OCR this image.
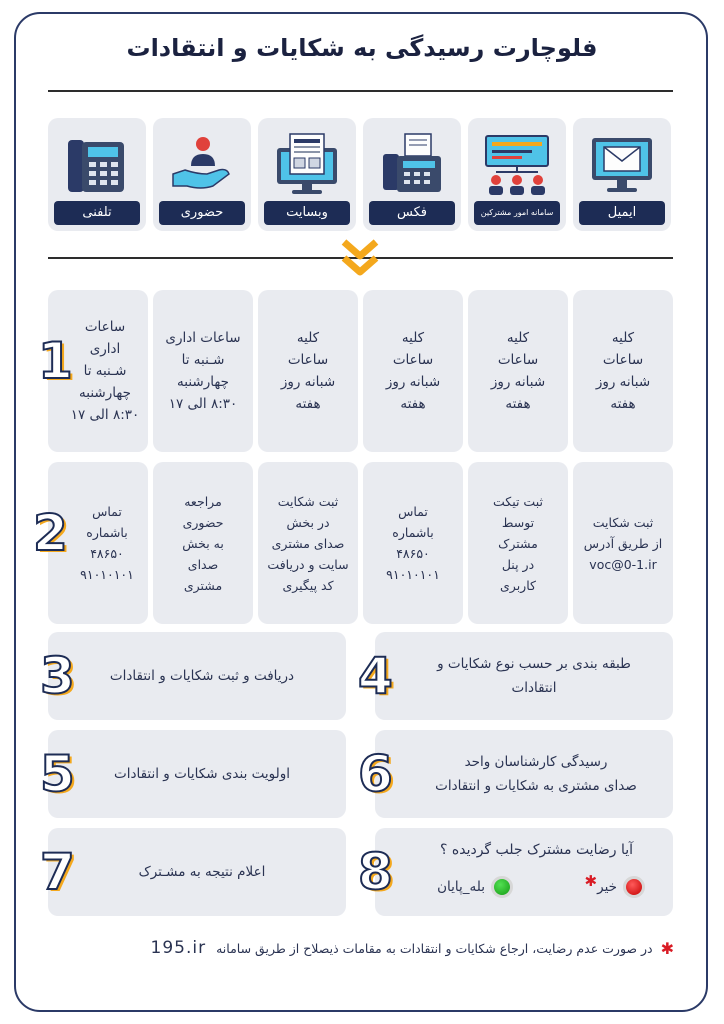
فلوچارت رسیدگی به شکایات و انتقادات
ایمیل
سامانه امور مشترکین
فکس
وبسایت
حضوری
تلفنی
کلیه
ساعات
شبانه روز
هفته
کلیه
ساعات
شبانه روز
هفته
کلیه
ساعات
شبانه روز
هفته
کلیه
ساعات
شبانه روز
هفته
ساعات اداری
شـنبه تا
چهارشنبه
۸:۳۰ الی ۱۷
ساعات اداری
شـنبه تا
چهارشنبه
۸:۳۰ الی ۱۷
ثبت شکایت
از طریق آدرس
voc@0-1.ir
ثبت تیکت
توسط
مشترک
در پنل
کاربری
تماس
باشماره
۴۸۶۵۰
۹۱۰۱۰۱۰۱
ثبت شکایت
در بخش
صدای مشتری
سایت و دریافت
کد پیگیری
مراجعه
حضوری
به بخش
صدای
مشتری
تماس
باشماره
۴۸۶۵۰
۹۱۰۱۰۱۰۱
1
2
دریافت و ثبت شکایات و انتقادات
طبقه بندی بر حسب نوع شکایات و انتقادات
اولویت بندی شکایات و انتقادات
رسیدگی کارشناسان واحد
صدای مشتری به شکایات و انتقادات
اعلام نتیجه به مشـترک
آیا رضایت مشترک جلب گردیده ؟
خیر
✱
بله_پایان
3	4
5	6
7	8
✱
در صورت عدم رضایت، ارجاع شکایات و انتقادات به مقامات ذیصلاح از طریق سامانه
195.ir
